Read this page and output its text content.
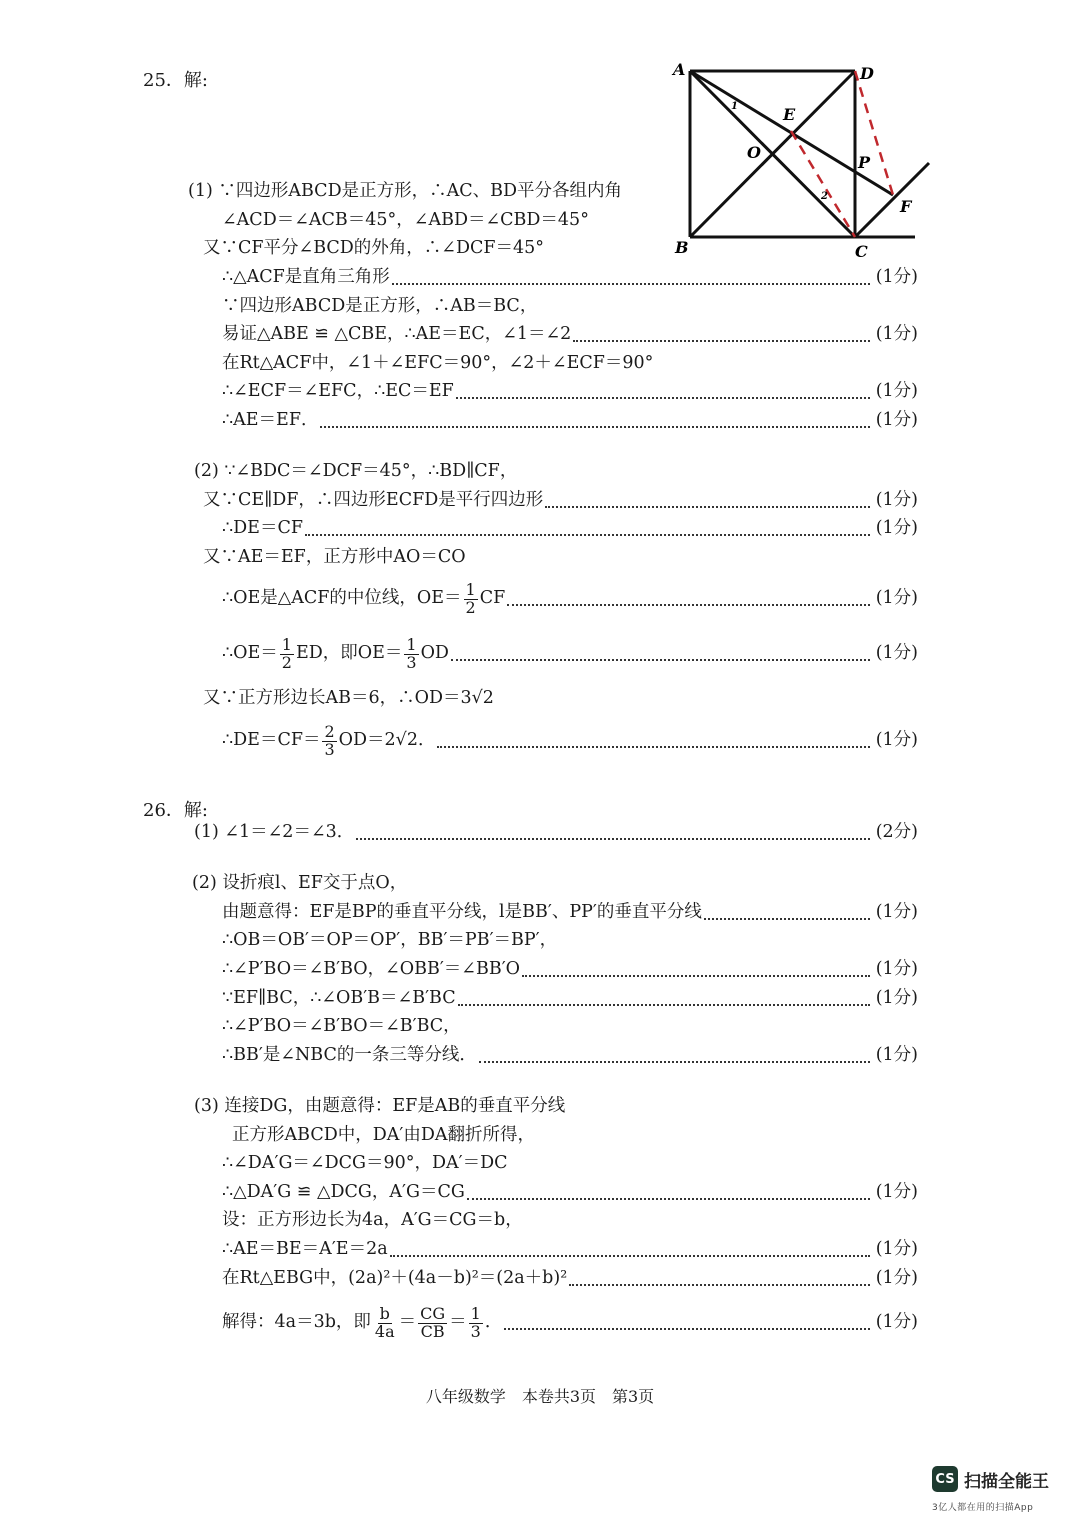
A	D
B	C
E
O
P
F
1
2
25．解:
(1) ∵四边形ABCD是正方形，∴AC、BD平分各组内角
∠ACD＝∠ACB＝45°，∠ABD＝∠CBD＝45°
又∵CF平分∠BCD的外角，∴∠DCF＝45°
∴△ACF是直角三角形	(1分)
∵四边形ABCD是正方形，∴AB＝BC，
易证△ABE ≌ △CBE，∴AE＝EC，∠1＝∠2	(1分)
在Rt△ACF中，∠1＋∠EFC＝90°，∠2＋∠ECF＝90°
∴∠ECF＝∠EFC，∴EC＝EF	(1分)
∴AE＝EF．	(1分)
(2) ∵∠BDC＝∠DCF＝45°，∴BD∥CF，
又∵CE∥DF，∴四边形ECFD是平行四边形	(1分)
∴DE＝CF	(1分)
又∵AE＝EF，正方形中AO＝CO
∴OE是△ACF的中位线，$OE= \frac{1}{2}$ CF	(1分)
∴OE＝ $\frac{1}{2}$ ED，即$OE= \frac{1}{3}$ OD	(1分)
又∵正方形边长AB＝6，∴OD＝3√2
∴DE＝CF＝ $\frac{2}{3} OD=2√2$．	(1分)
26．解:
(1) ∠1＝∠2＝∠3．	(2分)
(2) 设折痕l、EF交于点O，
由题意得：EF是BP的垂直平分线，l是BB′、PP′的垂直平分线	(1分)
∴OB＝OB′＝OP＝OP′，BB′＝PB′＝BP′，
∴∠P′BO＝∠B′BO，∠OBB′＝∠BB′O	(1分)
∵EF∥BC，∴∠OB′B＝∠B′BC	(1分)
∴∠P′BO＝∠B′BO＝∠B′BC，
∴BB′是∠NBC的一条三等分线．	(1分)
(3) 连接DG，由题意得：EF是AB的垂直平分线
正方形ABCD中，DA′由DA翻折所得，
∴∠DA′G＝∠DCG＝90°，DA′＝DC
∴△DA′G ≌ △DCG，A′G＝CG	(1分)
设：正方形边长为4a，A′G＝CG＝b，
∴AE＝BE＝A′E＝2a	(1分)
在Rt△EBG中，(2a)²＋(4a－b)²＝(2a＋b)²	(1分)
解得：4a＝3b，即 $\frac{b}{4a} = \frac{CG}{CB} = \frac{1}{3}$ ．	(1分)
八年级数学　本卷共3页　第3页
CS 扫描全能王
3亿人都在用的扫描App
